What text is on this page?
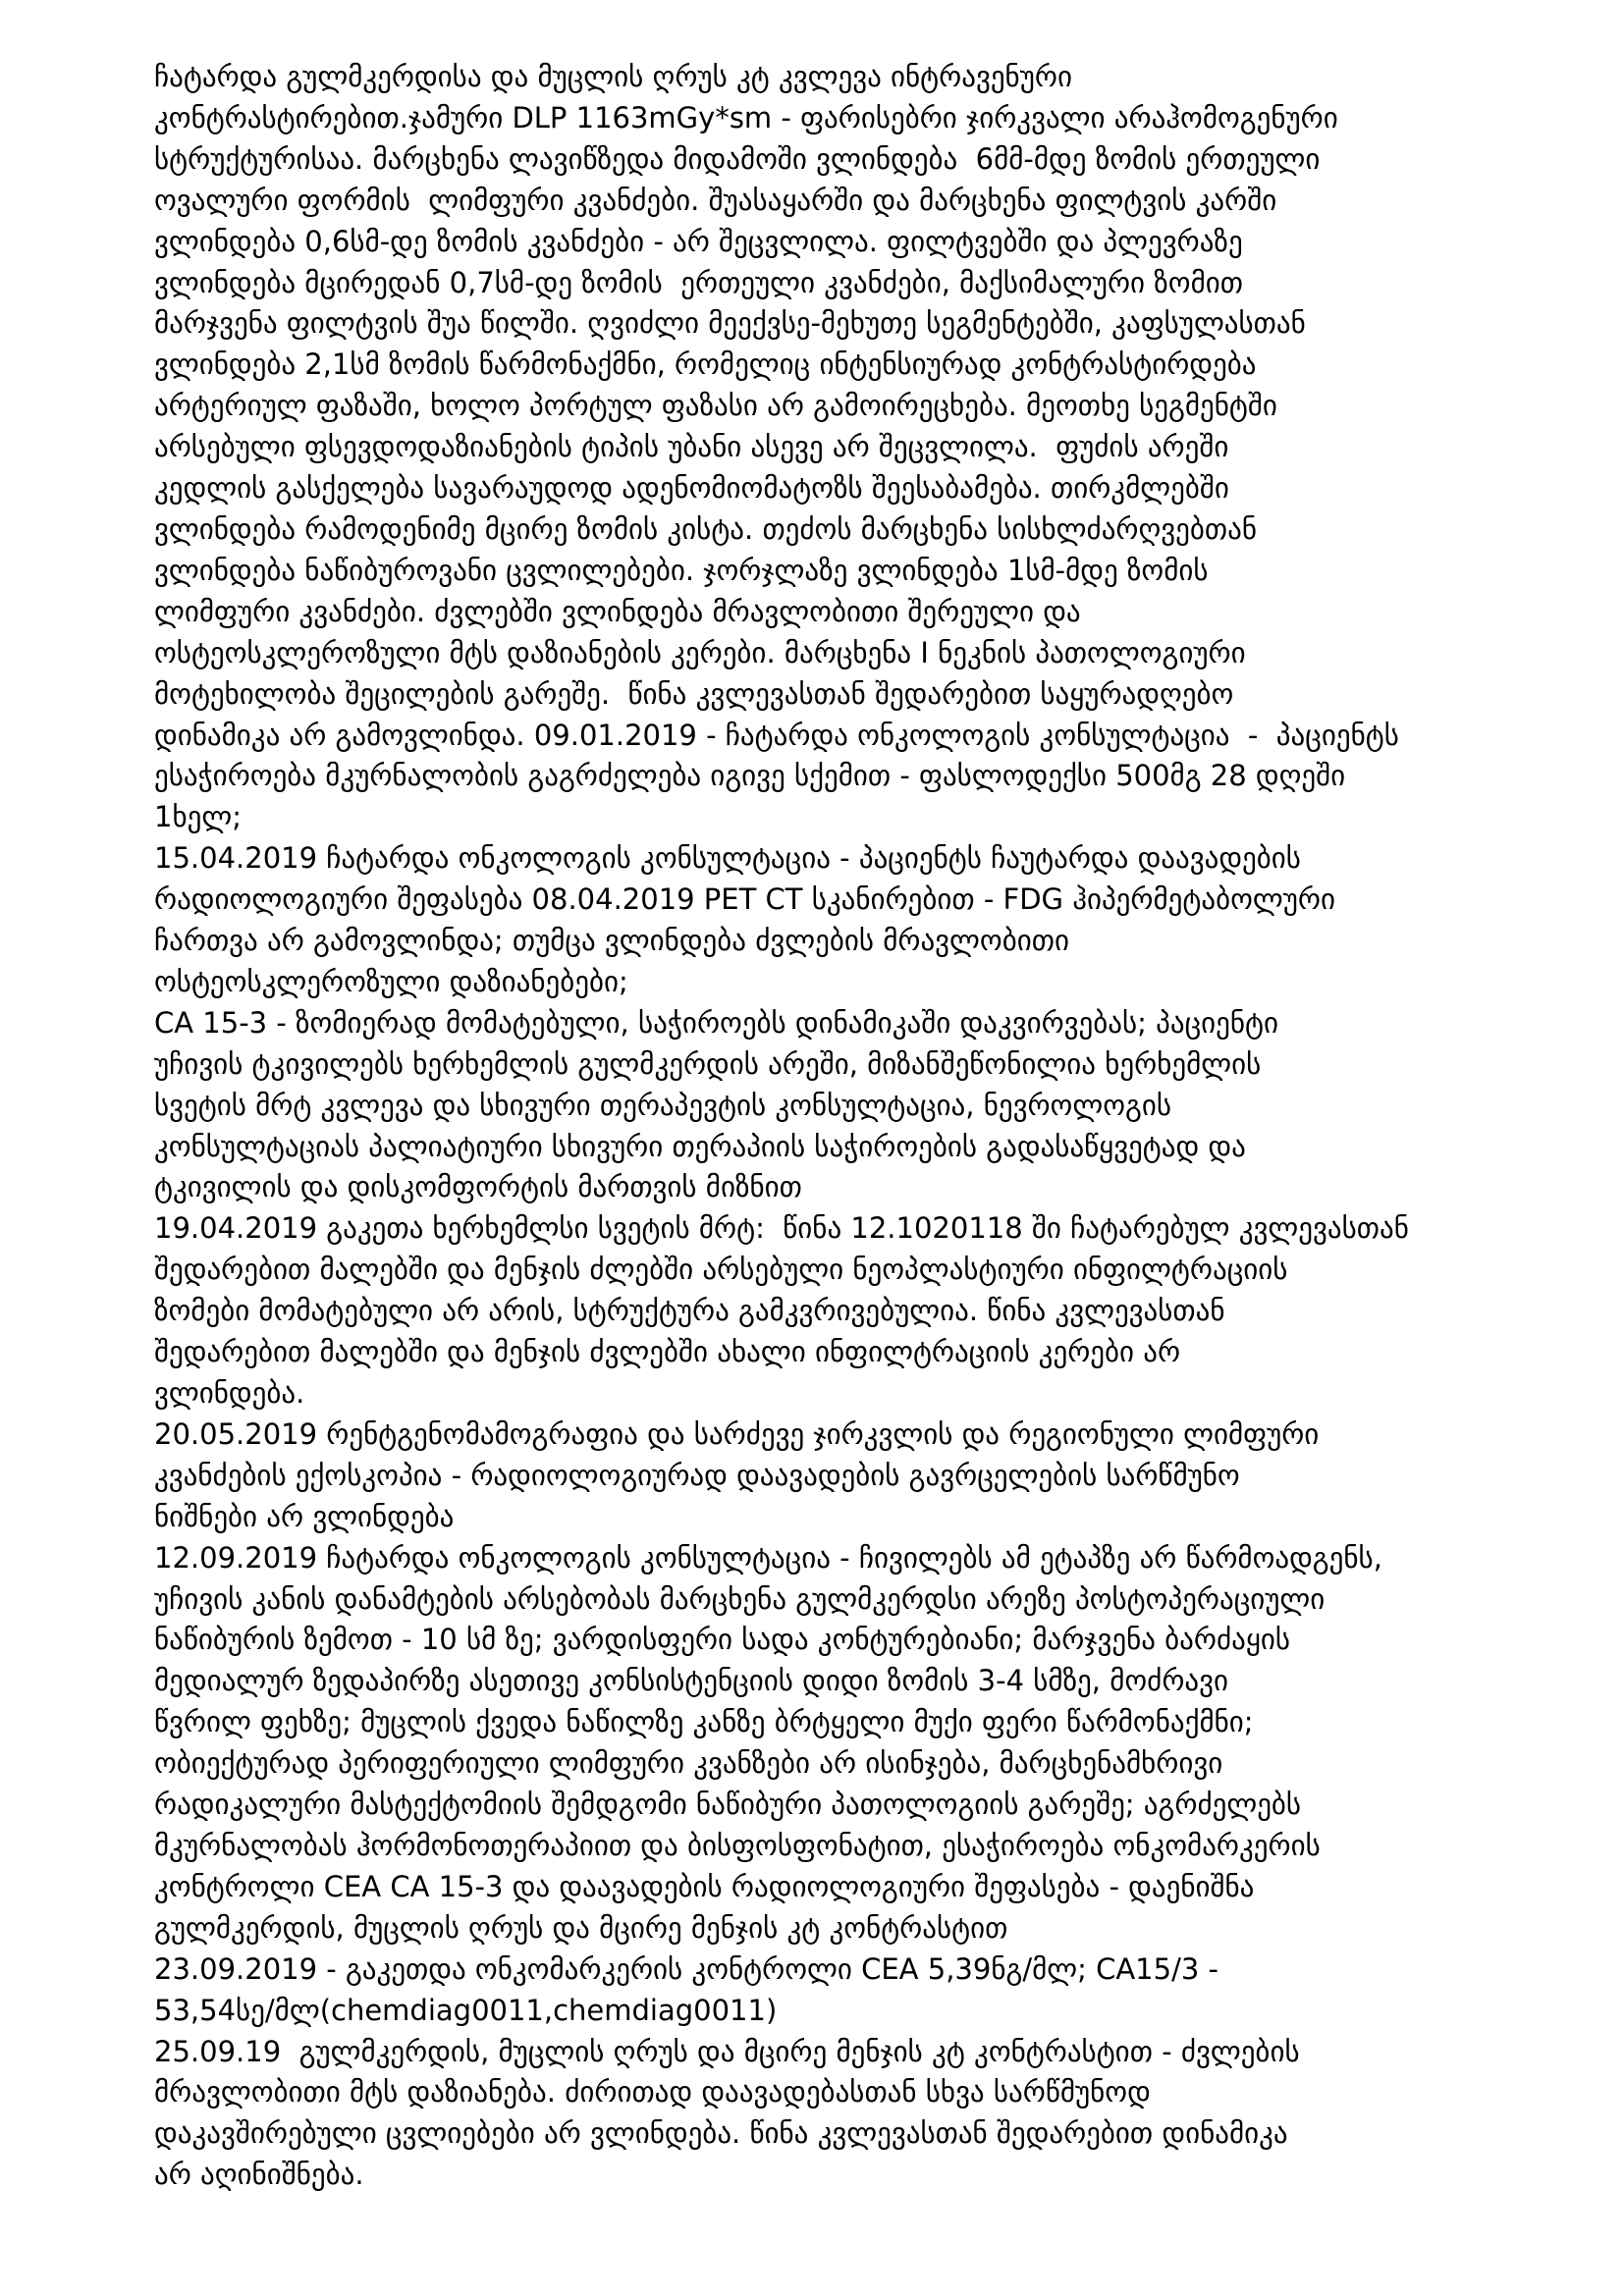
ჩატარდა გულმკერდისა და მუცლის ღრუს კტ კვლევა ინტრავენური
კონტრასტირებით.ჯამური DLP 1163mGy*sm - ფარისებრი ჯირკვალი არაჰომოგენური
სტრუქტურისაა. მარცხენა ლავიწზედა მიდამოში ვლინდება  6მმ-მდე ზომის ერთეული
ოვალური ფორმის  ლიმფური კვანძები. შუასაყარში და მარცხენა ფილტვის კარში
ვლინდება 0,6სმ-დე ზომის კვანძები - არ შეცვლილა. ფილტვებში და პლევრაზე
ვლინდება მცირედან 0,7სმ-დე ზომის  ერთეული კვანძები, მაქსიმალური ზომით
მარჯვენა ფილტვის შუა წილში. ღვიძლი მეექვსე-მეხუთე სეგმენტებში, კაფსულასთან
ვლინდება 2,1სმ ზომის წარმონაქმნი, რომელიც ინტენსიურად კონტრასტირდება
არტერიულ ფაზაში, ხოლო პორტულ ფაზასი არ გამოირეცხება. მეოთხე სეგმენტში
არსებული ფსევდოდაზიანების ტიპის უბანი ასევე არ შეცვლილა.  ფუძის არეში
კედლის გასქელება სავარაუდოდ ადენომიომატოზს შეესაბამება. თირკმლებში
ვლინდება რამოდენიმე მცირე ზომის კისტა. თეძოს მარცხენა სისხლძარღვებთან
ვლინდება ნაწიბუროვანი ცვლილებები. ჯორჯლაზე ვლინდება 1სმ-მდე ზომის
ლიმფური კვანძები. ძვლებში ვლინდება მრავლობითი შერეული და
ოსტეოსკლეროზული მტს დაზიანების კერები. მარცხენა I ნეკნის პათოლოგიური
მოტეხილობა შეცილების გარეშე.  წინა კვლევასთან შედარებით საყურადღებო
დინამიკა არ გამოვლინდა. 09.01.2019 - ჩატარდა ონკოლოგის კონსულტაცია  -  პაციენტს
ესაჭიროება მკურნალობის გაგრძელება იგივე სქემით - ფასლოდექსი 500მგ 28 დღეში
1ხელ;
15.04.2019 ჩატარდა ონკოლოგის კონსულტაცია - პაციენტს ჩაუტარდა დაავადების
რადიოლოგიური შეფასება 08.04.2019 PET CT სკანირებით - FDG ჰიპერმეტაბოლური
ჩართვა არ გამოვლინდა; თუმცა ვლინდება ძვლების მრავლობითი
ოსტეოსკლეროზული დაზიანებები;
CA 15-3 - ზომიერად მომატებული, საჭიროებს დინამიკაში დაკვირვებას; პაციენტი
უჩივის ტკივილებს ხერხემლის გულმკერდის არეში, მიზანშეწონილია ხერხემლის
სვეტის მრტ კვლევა და სხივური თერაპევტის კონსულტაცია, ნევროლოგის
კონსულტაციას პალიატიური სხივური თერაპიის საჭიროების გადასაწყვეტად და
ტკივილის და დისკომფორტის მართვის მიზნით
19.04.2019 გაკეთა ხერხემლსი სვეტის მრტ:  წინა 12.1020118 ში ჩატარებულ კვლევასთან
შედარებით მალებში და მენჯის ძლებში არსებული ნეოპლასტიური ინფილტრაციის
ზომები მომატებული არ არის, სტრუქტურა გამკვრივებულია. წინა კვლევასთან
შედარებით მალებში და მენჯის ძვლებში ახალი ინფილტრაციის კერები არ
ვლინდება.
20.05.2019 რენტგენომამოგრაფია და სარძევე ჯირკვლის და რეგიონული ლიმფური
კვანძების ექოსკოპია - რადიოლოგიურად დაავადების გავრცელების სარწმუნო
ნიშნები არ ვლინდება
12.09.2019 ჩატარდა ონკოლოგის კონსულტაცია - ჩივილებს ამ ეტაპზე არ წარმოადგენს,
უჩივის კანის დანამტების არსებობას მარცხენა გულმკერდსი არეზე პოსტოპერაციული
ნაწიბურის ზემოთ - 10 სმ ზე; ვარდისფერი სადა კონტურებიანი; მარჯვენა ბარძაყის
მედიალურ ზედაპირზე ასეთივე კონსისტენციის დიდი ზომის 3-4 სმზე, მოძრავი
წვრილ ფეხზე; მუცლის ქვედა ნაწილზე კანზე ბრტყელი მუქი ფერი წარმონაქმნი;
ობიექტურად პერიფერიული ლიმფური კვანზები არ ისინჯება, მარცხენამხრივი
რადიკალური მასტექტომიის შემდგომი ნაწიბური პათოლოგიის გარეშე; აგრძელებს
მკურნალობას ჰორმონოთერაპიით და ბისფოსფონატით, ესაჭიროება ონკომარკერის
კონტროლი CEA CA 15-3 და დაავადების რადიოლოგიური შეფასება - დაენიშნა
გულმკერდის, მუცლის ღრუს და მცირე მენჯის კტ კონტრასტით
23.09.2019 - გაკეთდა ონკომარკერის კონტროლი CEA 5,39ნგ/მლ; CA15/3 -
53,54სე/მლ(chemdiag0011,chemdiag0011)
25.09.19  გულმკერდის, მუცლის ღრუს და მცირე მენჯის კტ კონტრასტით - ძვლების
მრავლობითი მტს დაზიანება. ძირითად დაავადებასთან სხვა სარწმუნოდ
დაკავშირებული ცვლიებები არ ვლინდება. წინა კვლევასთან შედარებით დინამიკა
არ აღინიშნება.
